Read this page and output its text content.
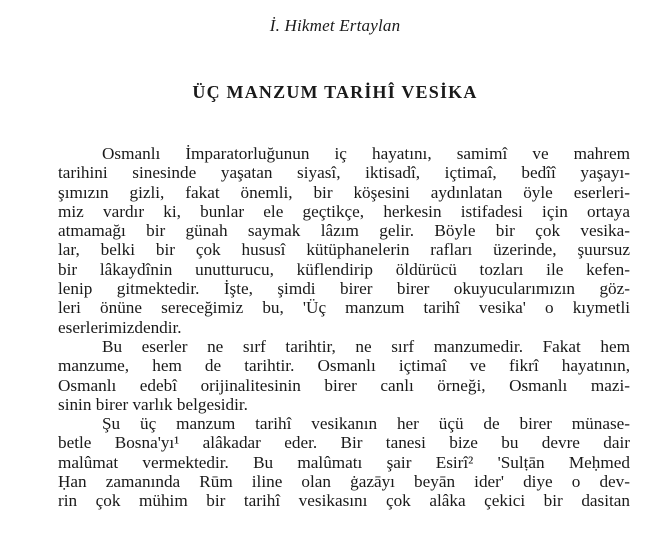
İ. Hikmet Ertaylan
ÜÇ MANZUM TARİHÎ VESİKA
Osmanlı İmparatorluğunun iç hayatını, samimî ve mahrem
tarihini sinesinde yaşatan siyasî, iktisadî, içtimaî, bedîî yaşayı-
şımızın gizli, fakat önemli, bir köşesini aydınlatan öyle eserleri-
miz vardır ki, bunlar ele geçtikçe, herkesin istifadesi için ortaya
atmamağı bir günah saymak lâzım gelir. Böyle bir çok vesika-
lar, belki bir çok hususî kütüphanelerin rafları üzerinde, şuursuz
bir lâkaydînin unutturucu, küflendirip öldürücü tozları ile kefen-
lenip gitmektedir. İşte, şimdi birer birer okuyucularımızın göz-
leri önüne sereceğimiz bu, 'Üç manzum tarihî vesika' o kıymetli
eserlerimizdendir.
Bu eserler ne sırf tarihtir, ne sırf manzumedir. Fakat hem
manzume, hem de tarihtir. Osmanlı içtimaî ve fikrî hayatının,
Osmanlı edebî orijinalitesinin birer canlı örneği, Osmanlı mazi-
sinin birer varlık belgesidir.
Şu üç manzum tarihî vesikanın her üçü de birer münase-
betle Bosna'yı¹ alâkadar eder. Bir tanesi bize bu devre dair
malûmat vermektedir. Bu malûmatı şair Esirî² 'Sulṭān Meḥmed
Ḥan zamanında Rūm iline olan ġazāyı beyān ider' diye o dev-
rin çok mühim bir tarihî vesikasını çok alâka çekici bir dasitan
